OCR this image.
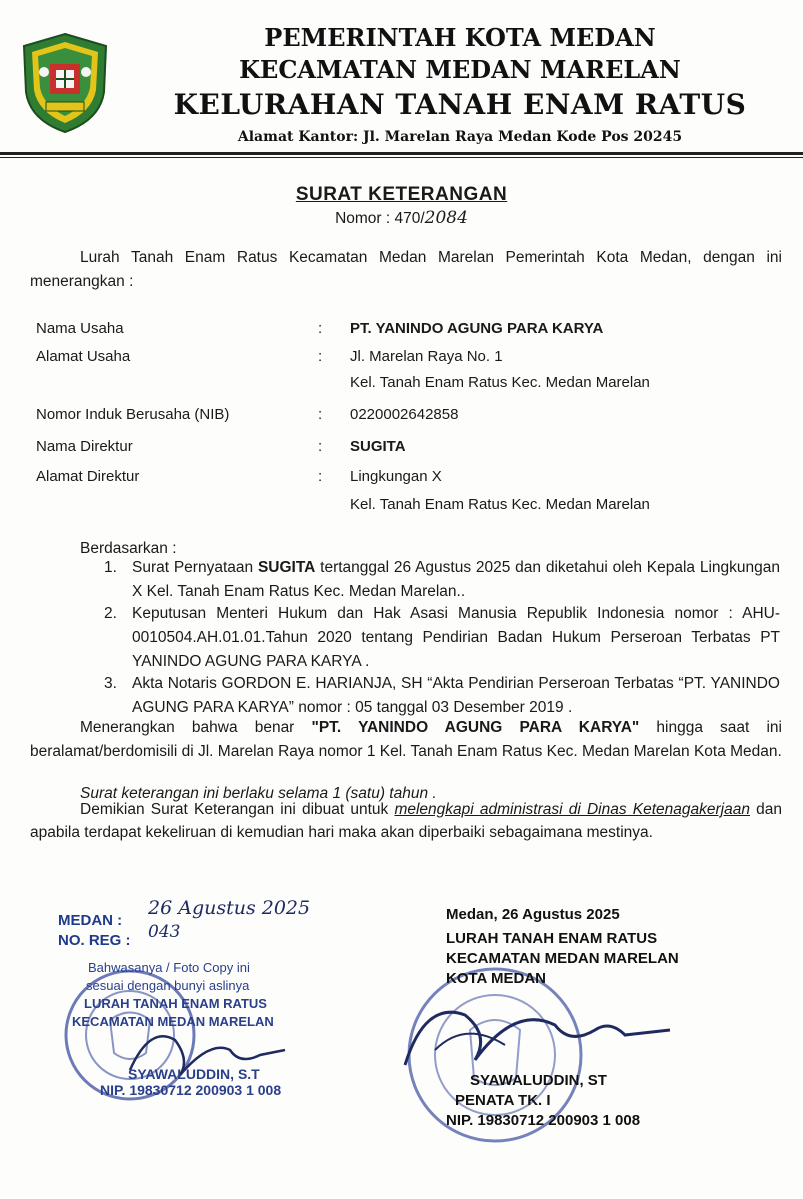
PEMERINTAH KOTA MEDAN
KECAMATAN MEDAN MARELAN
KELURAHAN TANAH ENAM RATUS
Alamat Kantor: Jl. Marelan Raya Medan Kode Pos 20245
SURAT KETERANGAN
Nomor : 470/2084
Lurah Tanah Enam Ratus Kecamatan Medan Marelan Pemerintah Kota Medan, dengan ini menerangkan :
Nama Usaha	: PT. YANINDO AGUNG PARA KARYA
Alamat Usaha	: Jl. Marelan Raya No. 1
Kel. Tanah Enam Ratus Kec. Medan Marelan
Nomor Induk Berusaha (NIB)	: 0220002642858
Nama Direktur	: SUGITA
Alamat Direktur	: Lingkungan X
Kel. Tanah Enam Ratus Kec. Medan Marelan
Berdasarkan :
1. Surat Pernyataan SUGITA tertanggal 26 Agustus 2025 dan diketahui oleh Kepala Lingkungan X Kel. Tanah Enam Ratus Kec. Medan Marelan..
2. Keputusan Menteri Hukum dan Hak Asasi Manusia Republik Indonesia nomor : AHU-0010504.AH.01.01.Tahun 2020 tentang Pendirian Badan Hukum Perseroan Terbatas PT YANINDO AGUNG PARA KARYA .
3. Akta Notaris GORDON E. HARIANJA, SH “Akta Pendirian Perseroan Terbatas “PT. YANINDO AGUNG PARA KARYA” nomor : 05 tanggal 03 Desember 2019 .
Menerangkan bahwa benar "PT. YANINDO AGUNG PARA KARYA" hingga saat ini beralamat/berdomisili di Jl. Marelan Raya nomor 1 Kel. Tanah Enam Ratus Kec. Medan Marelan Kota Medan.
Surat keterangan ini berlaku selama 1 (satu) tahun .
Demikian Surat Keterangan ini dibuat untuk melengkapi administrasi di Dinas Ketenagakerjaan dan apabila terdapat kekeliruan di kemudian hari maka akan diperbaiki sebagaimana mestinya.
MEDAN :
NO. REG :
26 Agustus 2025
043
Bahwasanya / Foto Copy ini
sesuai dengan bunyi aslinya
LURAH TANAH ENAM RATUS
KECAMATAN MEDAN MARELAN
SYAWALUDDIN, S.T
NIP. 19830712 200903 1 008
Medan, 26 Agustus 2025
LURAH TANAH ENAM RATUS
KECAMATAN MEDAN MARELAN
KOTA MEDAN
SYAWALUDDIN, ST
PENATA TK. I
NIP. 19830712 200903 1 008
